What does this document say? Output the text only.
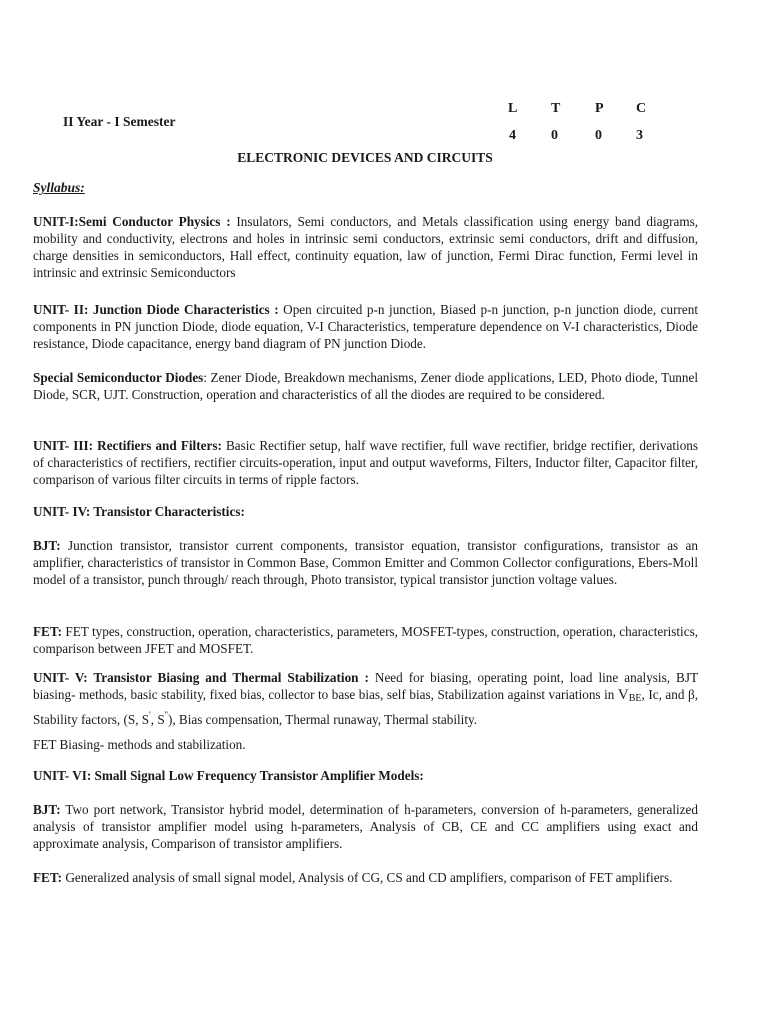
L T P C
4	0	0 3
II Year - I Semester
ELECTRONIC DEVICES AND CIRCUITS
Syllabus:
UNIT-I:Semi Conductor Physics : Insulators, Semi conductors, and Metals classification using energy band diagrams, mobility and conductivity, electrons and holes in intrinsic semi conductors, extrinsic semi conductors, drift and diffusion, charge densities in semiconductors, Hall effect, continuity equation, law of junction, Fermi Dirac function, Fermi level in intrinsic and extrinsic Semiconductors
UNIT- II: Junction Diode Characteristics : Open circuited p-n junction, Biased p-n junction, p-n junction diode, current components in PN junction Diode, diode equation, V-I Characteristics, temperature dependence on V-I characteristics, Diode resistance, Diode capacitance, energy band diagram of PN junction Diode.
Special Semiconductor Diodes: Zener Diode, Breakdown mechanisms, Zener diode applications, LED, Photo diode, Tunnel Diode, SCR, UJT. Construction, operation and characteristics of all the diodes are required to be considered.
UNIT- III: Rectifiers and Filters: Basic Rectifier setup, half wave rectifier, full wave rectifier, bridge rectifier, derivations of characteristics of rectifiers, rectifier circuits-operation, input and output waveforms, Filters, Inductor filter, Capacitor filter, comparison of various filter circuits in terms of ripple factors.
UNIT- IV: Transistor Characteristics:
BJT: Junction transistor, transistor current components, transistor equation, transistor configurations, transistor as an amplifier, characteristics of transistor in Common Base, Common Emitter and Common Collector configurations, Ebers-Moll model of a transistor, punch through/ reach through, Photo transistor, typical transistor junction voltage values.
FET: FET types, construction, operation, characteristics, parameters, MOSFET-types, construction, operation, characteristics, comparison between JFET and MOSFET.
UNIT- V: Transistor Biasing and Thermal Stabilization : Need for biasing, operating point, load line analysis, BJT biasing- methods, basic stability, fixed bias, collector to base bias, self bias, Stabilization against variations in $V_{BE}$, Ic, and β, Stability factors, (S, S', S''), Bias compensation, Thermal runaway, Thermal stability.
FET Biasing- methods and stabilization.
UNIT- VI: Small Signal Low Frequency Transistor Amplifier Models:
BJT: Two port network, Transistor hybrid model, determination of h-parameters, conversion of h-parameters, generalized analysis of transistor amplifier model using h-parameters, Analysis of CB, CE and CC amplifiers using exact and approximate analysis, Comparison of transistor amplifiers.
FET: Generalized analysis of small signal model, Analysis of CG, CS and CD amplifiers, comparison of FET amplifiers.
